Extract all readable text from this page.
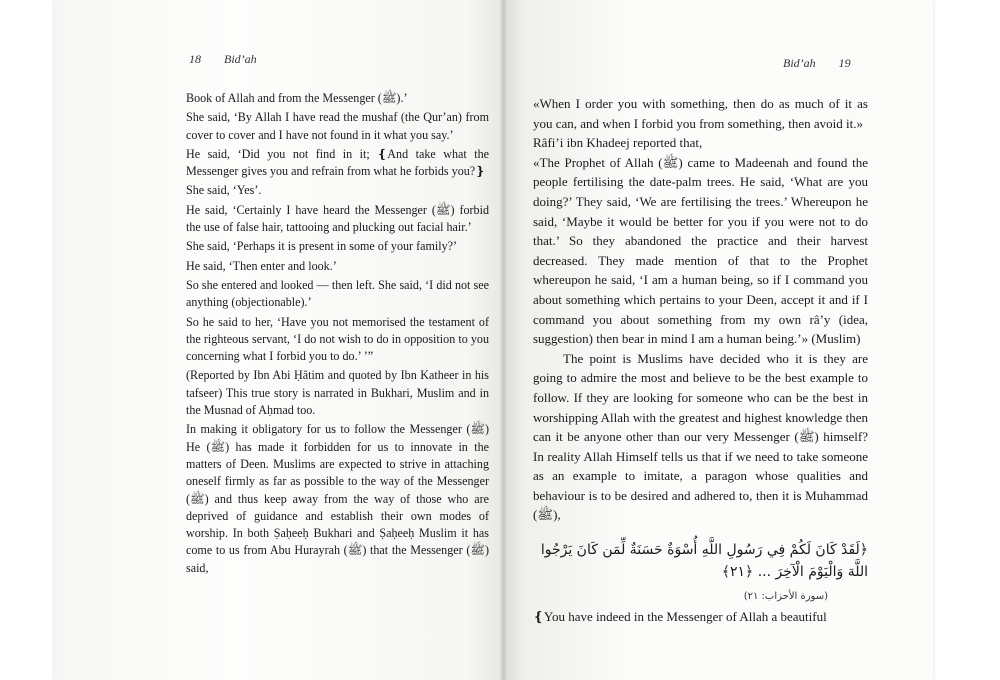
18 Bid’ah

Book of Allah and from the Messenger (ﷺ).’

She said, ‘By Allah I have read the mushaf (the Qur’an) from cover to cover and I have not found in it what you say.’

He said, ‘Did you not find in it; ❴And take what the Messenger gives you and refrain from what he forbids you?❵

She said, ‘Yes’.

He said, ‘Certainly I have heard the Messenger (ﷺ) forbid the use of false hair, tattooing and plucking out facial hair.’

She said, ‘Perhaps it is present in some of your family?’

He said, ‘Then enter and look.’

So she entered and looked — then left. She said, ‘I did not see anything (objectionable).’

So he said to her, ‘Have you not memorised the testament of the righteous servant, ‘I do not wish to do in opposition to you concerning what I forbid you to do.’ ’”

(Reported by Ibn Abi Ḥâtim and quoted by Ibn Katheer in his tafseer) This true story is narrated in Bukhari, Muslim and in the Musnad of Aḥmad too.

In making it obligatory for us to follow the Messenger (ﷺ) He (ﷺ) has made it forbidden for us to innovate in the matters of Deen. Muslims are expected to strive in attaching oneself firmly as far as possible to the way of the Messenger (ﷺ) and thus keep away from the way of those who are deprived of guidance and establish their own modes of worship. In both Ṣaḥeeḥ Bukhari and Ṣaḥeeḥ Muslim it has come to us from Abu Hurayrah (ﷺ) that the Messenger (ﷺ) said,

Bid’ah 19

«When I order you with something, then do as much of it as you can, and when I forbid you from something, then avoid it.»

Râfi’i ibn Khadeej reported that,

«The Prophet of Allah (ﷺ) came to Madeenah and found the people fertilising the date-palm trees. He said, ‘What are you doing?’ They said, ‘We are fertilising the trees.’ Whereupon he said, ‘Maybe it would be better for you if you were not to do that.’ So they abandoned the practice and their harvest decreased. They made mention of that to the Prophet whereupon he said, ‘I am a human being, so if I command you about something which pertains to your Deen, accept it and if I command you about something from my own râ’y (idea, suggestion) then bear in mind I am a human being.’» (Muslim)

The point is Muslims have decided who it is they are going to admire the most and believe to be the best example to follow. If they are looking for someone who can be the best in worshipping Allah with the greatest and highest knowledge then can it be anyone other than our very Messenger (ﷺ) himself? In reality Allah Himself tells us that if we need to take someone as an example to imitate, a paragon whose qualities and behaviour is to be desired and adhered to, then it is Muhammad (ﷺ),

﴿لَقَدْ كَانَ لَكُمْ فِي رَسُولِ اللَّهِ أُسْوَةٌ حَسَنَةٌ لِّمَن كَانَ يَرْجُوا اللَّهَ وَالْيَوْمَ الْآخِرَ ... ﴿٢١﴾
(سورة الأحزاب: ٢١)

❴You have indeed in the Messenger of Allah a beautiful
